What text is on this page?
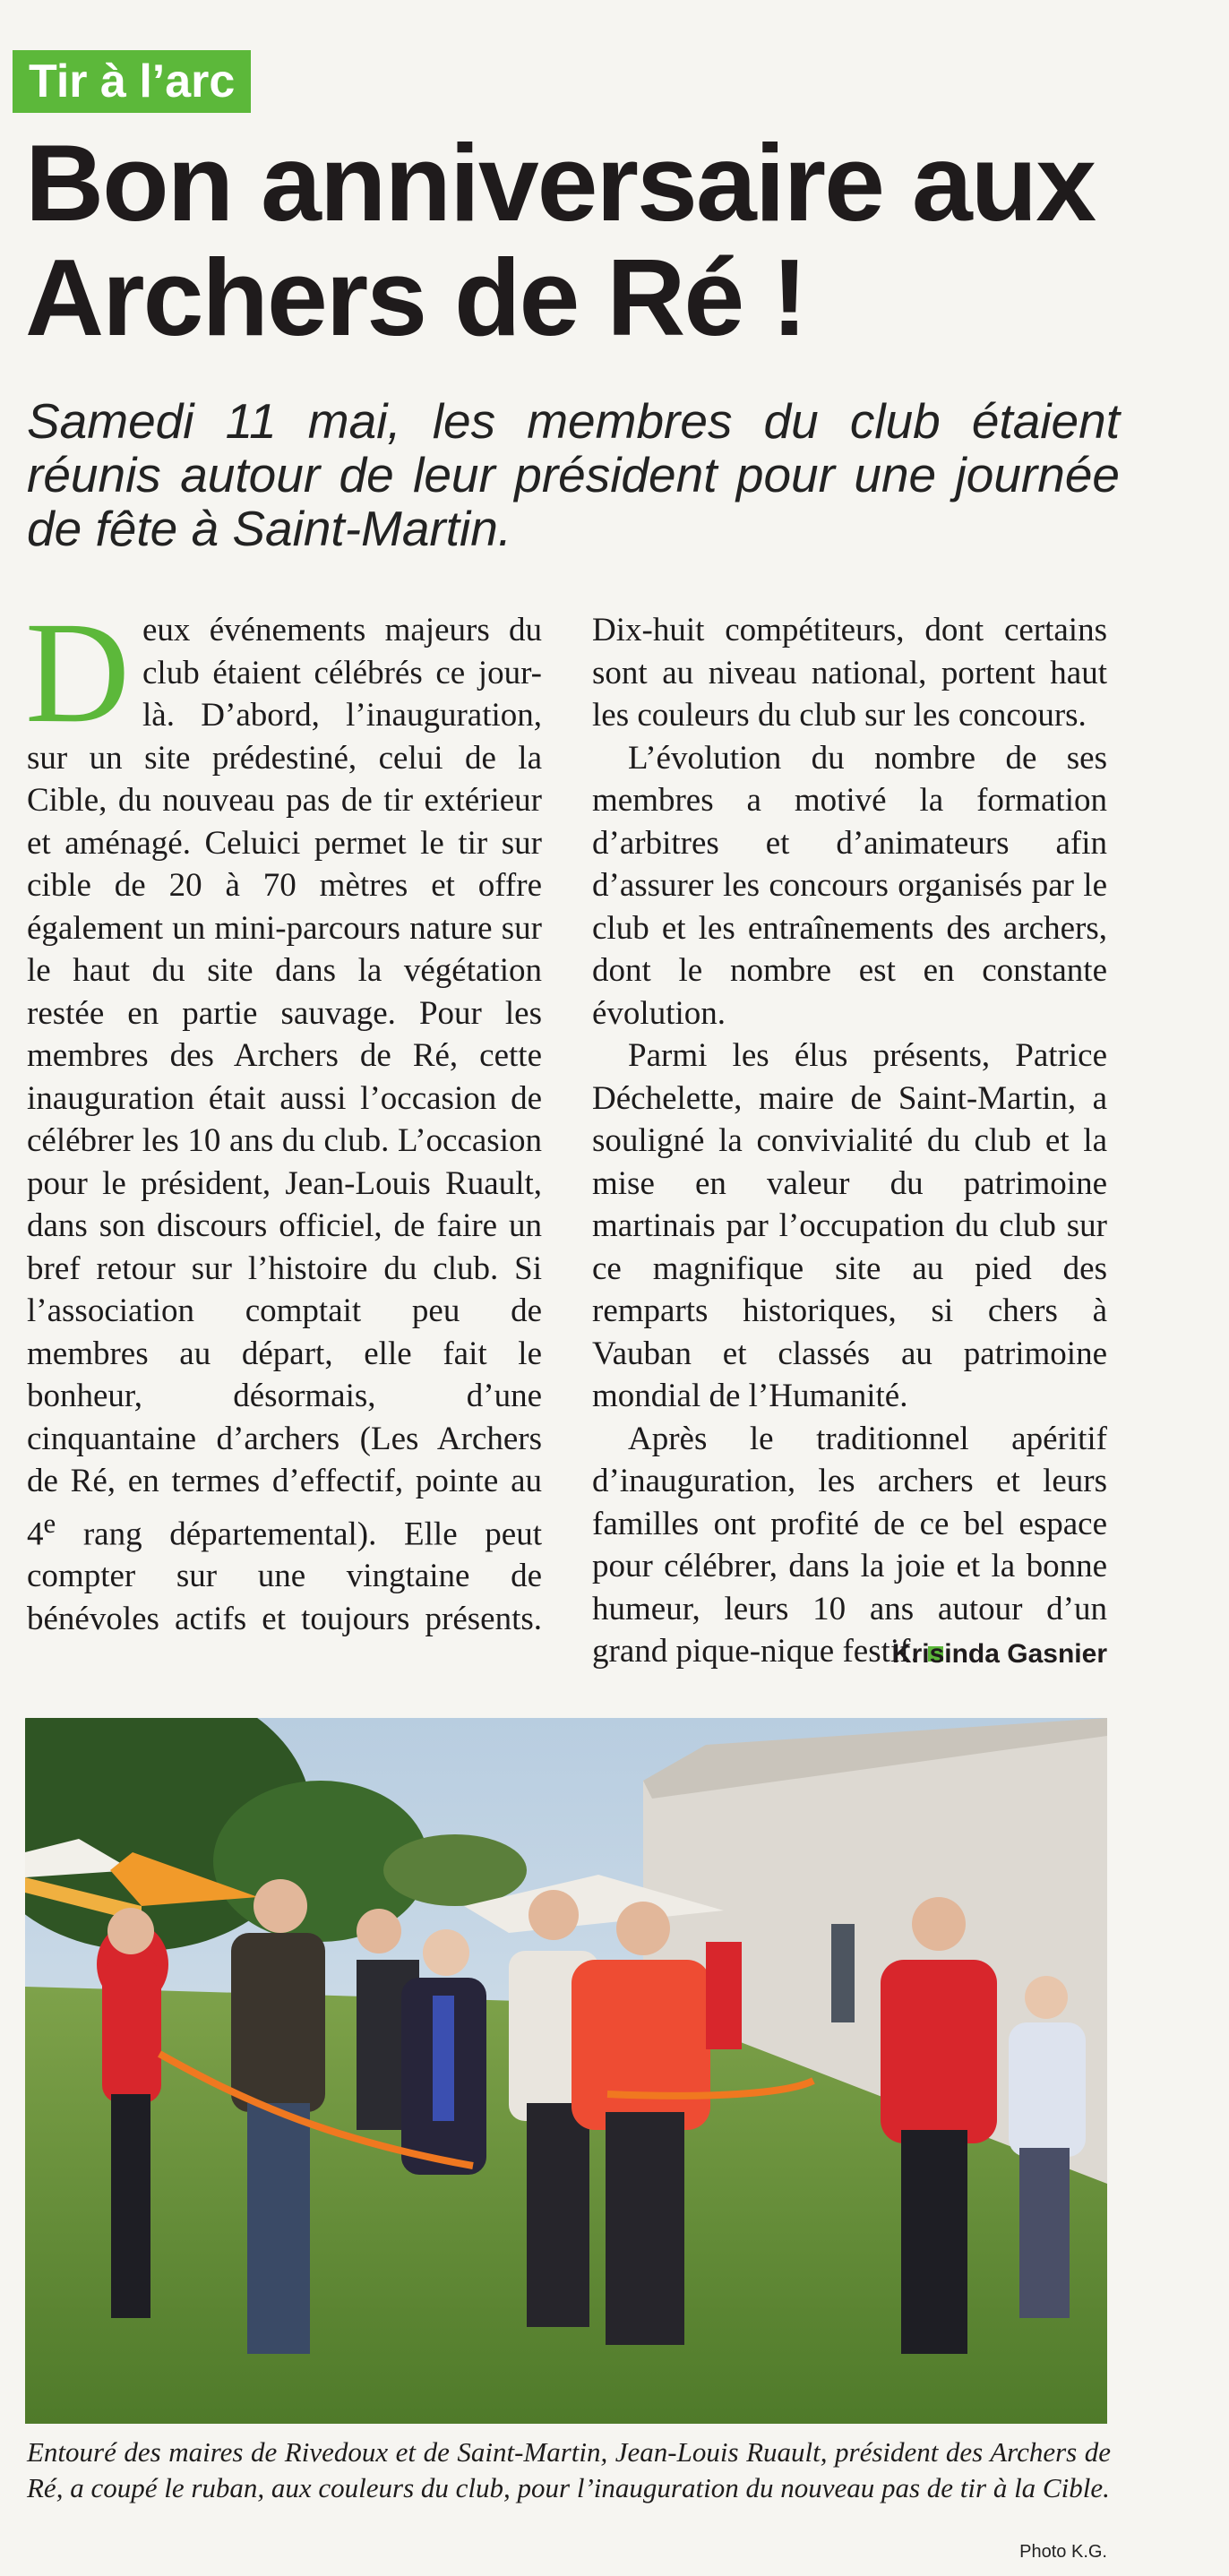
Tir à l’arc
Bon anniversaire aux Archers de Ré !
Samedi 11 mai, les membres du club étaient réunis autour de leur président pour une journée de fête à Saint-Martin.

Deux événements majeurs du club étaient célébrés ce jour-là. D’abord, l’inauguration, sur un site prédestiné, celui de la Cible, du nouveau pas de tir extérieur et aménagé. Celuici permet le tir sur cible de 20 à 70 mètres et offre également un mini-parcours nature sur le haut du site dans la végétation restée en partie sauvage. Pour les membres des Archers de Ré, cette inauguration était aussi l’occasion de célébrer les 10 ans du club. L’occasion pour le président, Jean-Louis Ruault, dans son discours officiel, de faire un bref retour sur l’histoire du club. Si l’association comptait peu de membres au départ, elle fait le bonheur, désormais, d’une cinquantaine d’archers (Les Archers de Ré, en termes d’effectif, pointe au 4e rang départemental). Elle peut compter sur une vingtaine de bénévoles actifs et toujours présents. Dix-huit compétiteurs, dont certains sont au niveau national, portent haut les couleurs du club sur les concours.

L’évolution du nombre de ses membres a motivé la formation d’arbitres et d’animateurs afin d’assurer les concours organisés par le club et les entraînements des archers, dont le nombre est en constante évolution.

Parmi les élus présents, Patrice Déchelette, maire de Saint-Martin, a souligné la convivialité du club et la mise en valeur du patrimoine martinais par l’occupation du club sur ce magnifique site au pied des remparts historiques, si chers à Vauban et classés au patrimoine mondial de l’Humanité.

Après le traditionnel apéritif d’inauguration, les archers et leurs familles ont profité de ce bel espace pour célébrer, dans la joie et la bonne humeur, leurs 10 ans autour d’un grand pique-nique festif.

Krisinda Gasnier
Entouré des maires de Rivedoux et de Saint-Martin, Jean-Louis Ruault, président des Archers de Ré, a coupé le ruban, aux couleurs du club, pour l’inauguration du nouveau pas de tir à la Cible.
Photo K.G.
